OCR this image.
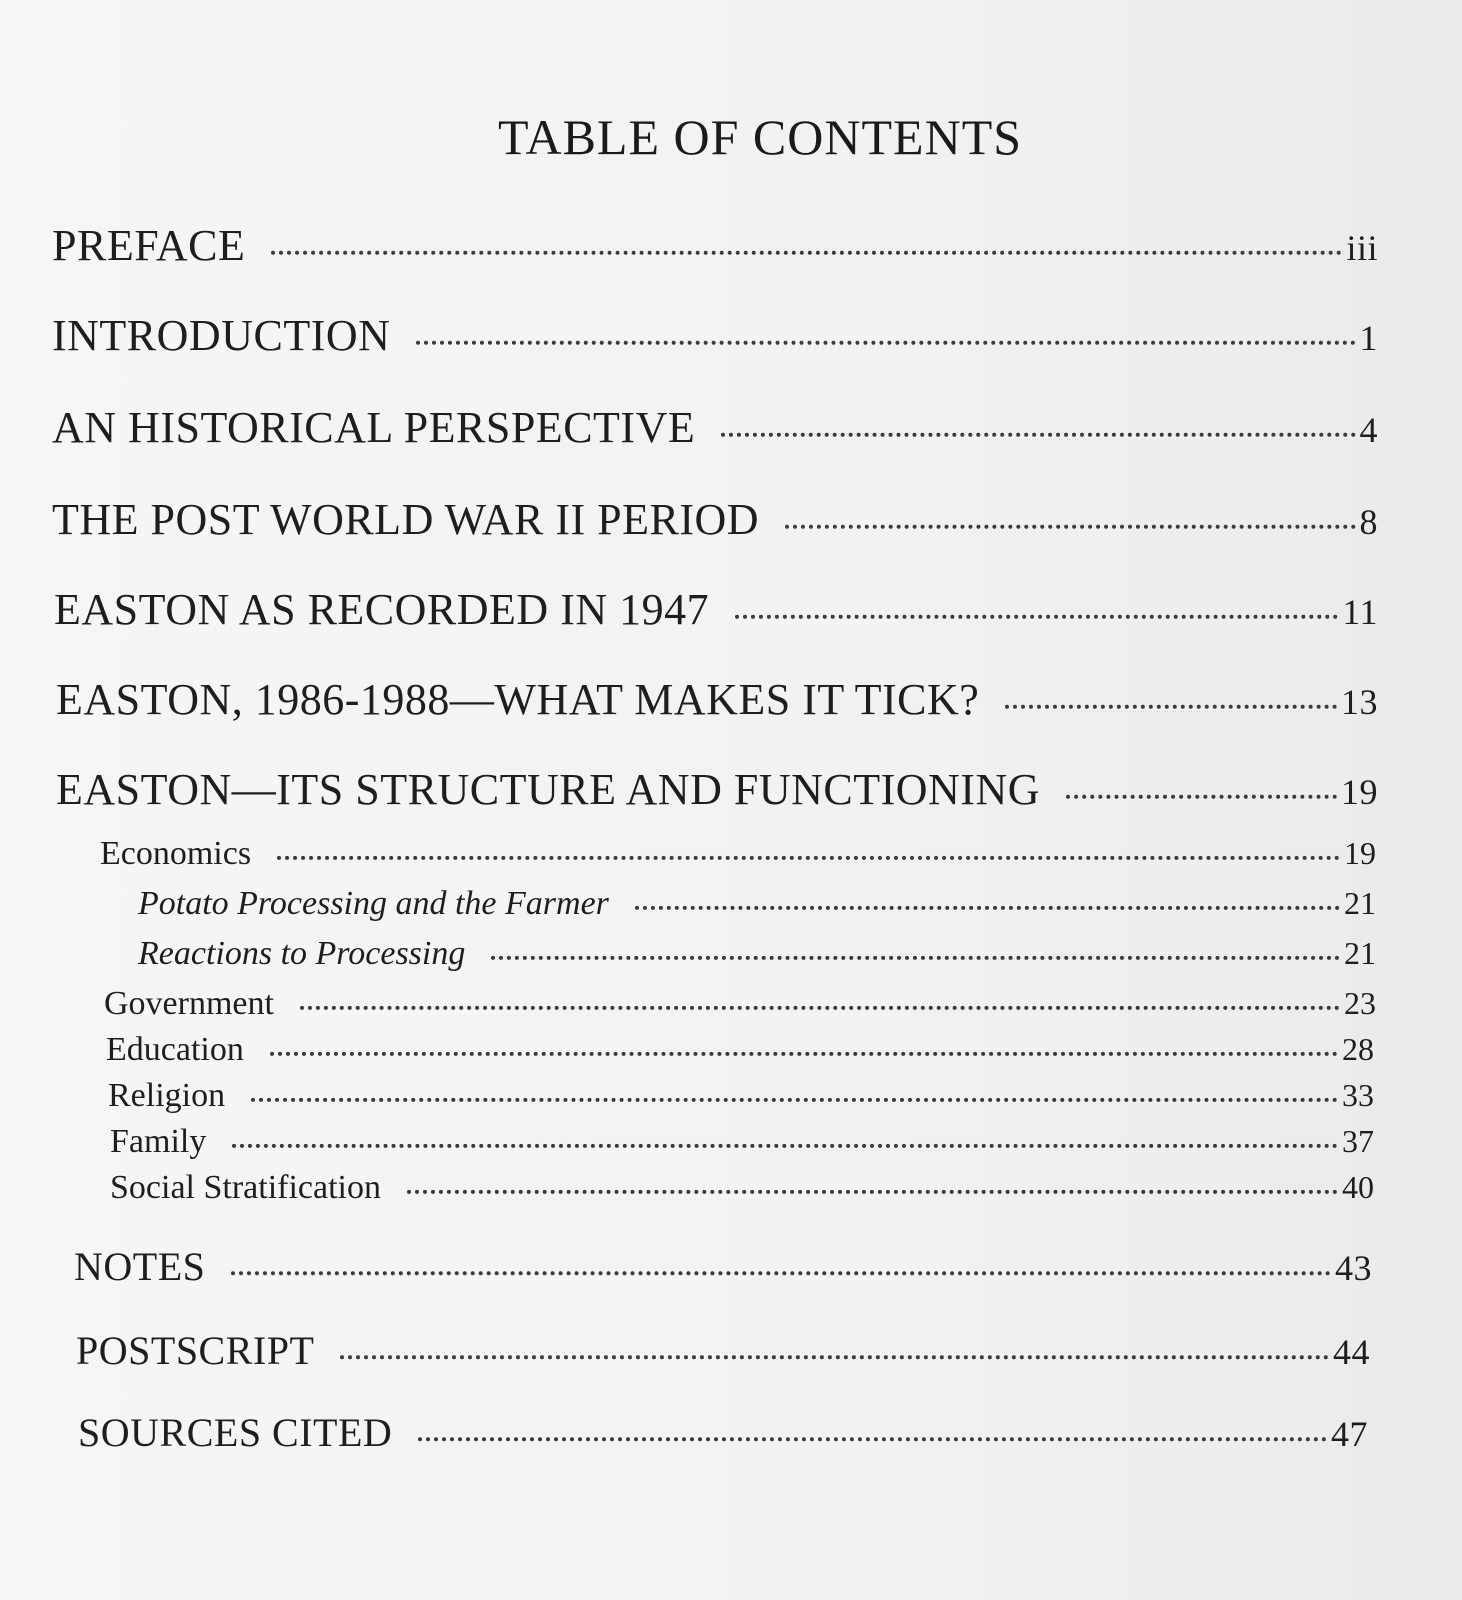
TABLE OF CONTENTS
PREFACE	iii
INTRODUCTION	1
AN HISTORICAL PERSPECTIVE	4
THE POST WORLD WAR II PERIOD	8
EASTON AS RECORDED IN 1947	11
EASTON, 1986-1988—WHAT MAKES IT TICK?	13
EASTON—ITS STRUCTURE AND FUNCTIONING	19
Economics	19
Potato Processing and the Farmer	21
Reactions to Processing	21
Government	23
Education	28
Religion	33
Family	37
Social Stratification	40
NOTES	43
POSTSCRIPT	44
SOURCES CITED	47
